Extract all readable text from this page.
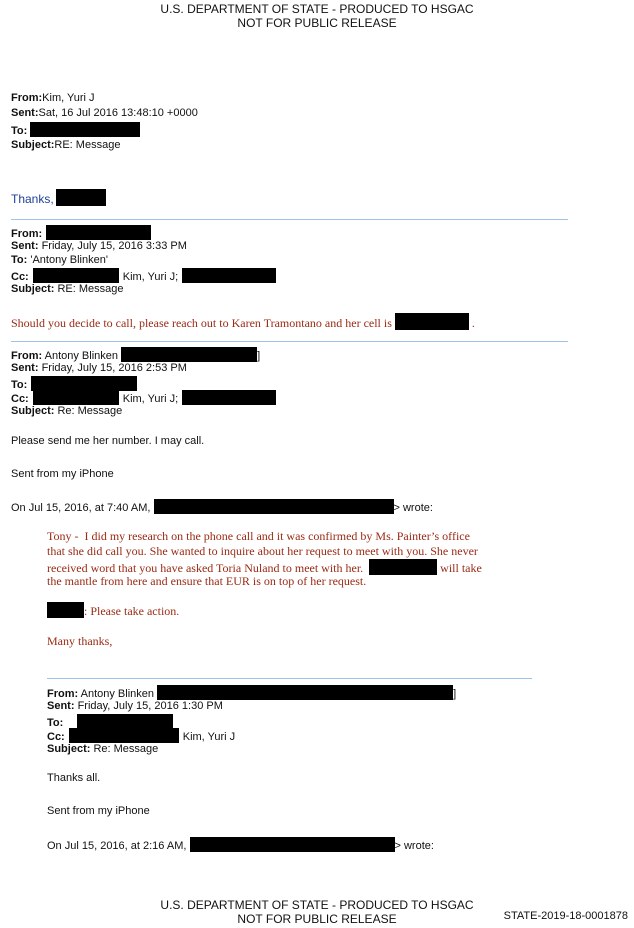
U.S. DEPARTMENT OF STATE - PRODUCED TO HSGAC
NOT FOR PUBLIC RELEASE
From:Kim, Yuri J
Sent:Sat, 16 Jul 2016 13:48:10 +0000
To:
Subject:RE: Message
Thanks,
From:
Sent: Friday, July 15, 2016 3:33 PM
To: 'Antony Blinken'
Cc:	Kim, Yuri J;
Subject: RE: Message
Should you decide to call, please reach out to Karen Tramontano and her cell is	.
From: Antony Blinken	]
Sent: Friday, July 15, 2016 2:53 PM
To:
Cc:	Kim, Yuri J;
Subject: Re: Message
Please send me her number. I may call.
Sent from my iPhone
On Jul 15, 2016, at 7:40 AM,	> wrote:
Tony - I did my research on the phone call and it was confirmed by Ms. Painter’s office
that she did call you. She wanted to inquire about her request to meet with you. She never
received word that you have asked Toria Nuland to meet with her.	will take
the mantle from here and ensure that EUR is on top of her request.
: Please take action.
Many thanks,
From: Antony Blinken	]
Sent: Friday, July 15, 2016 1:30 PM
To:
Cc:	Kim, Yuri J
Subject: Re: Message
Thanks all.
Sent from my iPhone
On Jul 15, 2016, at 2:16 AM,	> wrote:
U.S. DEPARTMENT OF STATE - PRODUCED TO HSGAC
NOT FOR PUBLIC RELEASE	STATE-2019-18-0001878
